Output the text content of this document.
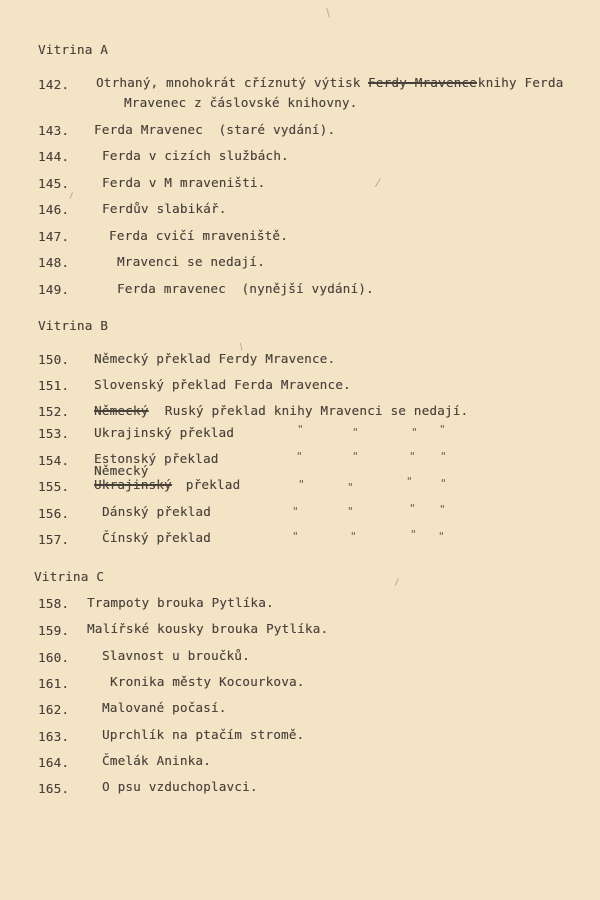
Vitrina A
142.	Otrhaný, mnohokrát cříznutý výtisk Ferdy Mravence
knihy Ferda
Mravenec z čáslovské knihovny.
143.	Ferda Mravenec  (staré vydání).
144.	Ferda v cizích službách.
145.	Ferda v M mraveništi.
146.	Ferdův slabikář.
147.	Ferda cvičí mraveniště.
148.	Mravenci se nedají.
149.	Ferda mravenec  (nynější vydání).
Vitrina B
150.	Německý překlad Ferdy Mravence.
151.	Slovenský překlad Ferda Mravence.
152.	Německý Ruský překlad knihy Mravenci se nedají.
153.	Ukrajinský překlad	"	"	" "
154.	Estonský překlad	"	"	" "
Německý
155.	Ukrajinský překlad	"	"	" "
156.	Dánský překlad	"	"	" "
157.	Čínský překlad	"	"	" "
Vitrina C
158.	Trampoty brouka Pytlíka.
159.	Malířské kousky brouka Pytlíka.
160.	Slavnost u broučků.
161.	Kronika městy Kocourkova.
162.	Malované počasí.
163.	Uprchlík na ptačím stromě.
164.	Čmelák Aninka.
165.	O psu vzduchoplavci.
